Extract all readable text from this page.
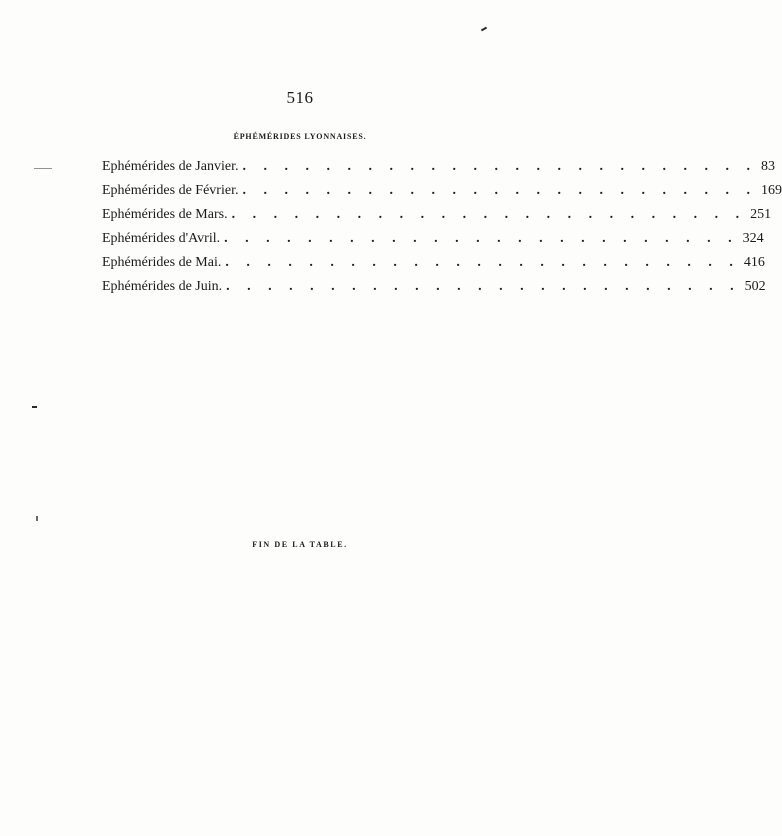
516
ÉPHÉMÉRIDES LYONNAISES.
Ephémérides de Janvier. . . . . . . . . . . . . . . . . . . . . . . . . . 83
Ephémérides de Février. . . . . . . . . . . . . . . . . . . . . . . . . . 169
Ephémérides de Mars. . . . . . . . . . . . . . . . . . . . . . . . . . 251
Ephémérides d'Avril. . . . . . . . . . . . . . . . . . . . . . . . . . 324
Ephémérides de Mai. . . . . . . . . . . . . . . . . . . . . . . . . . 416
Ephémérides de Juin. . . . . . . . . . . . . . . . . . . . . . . . . . 502
FIN DE LA TABLE.
